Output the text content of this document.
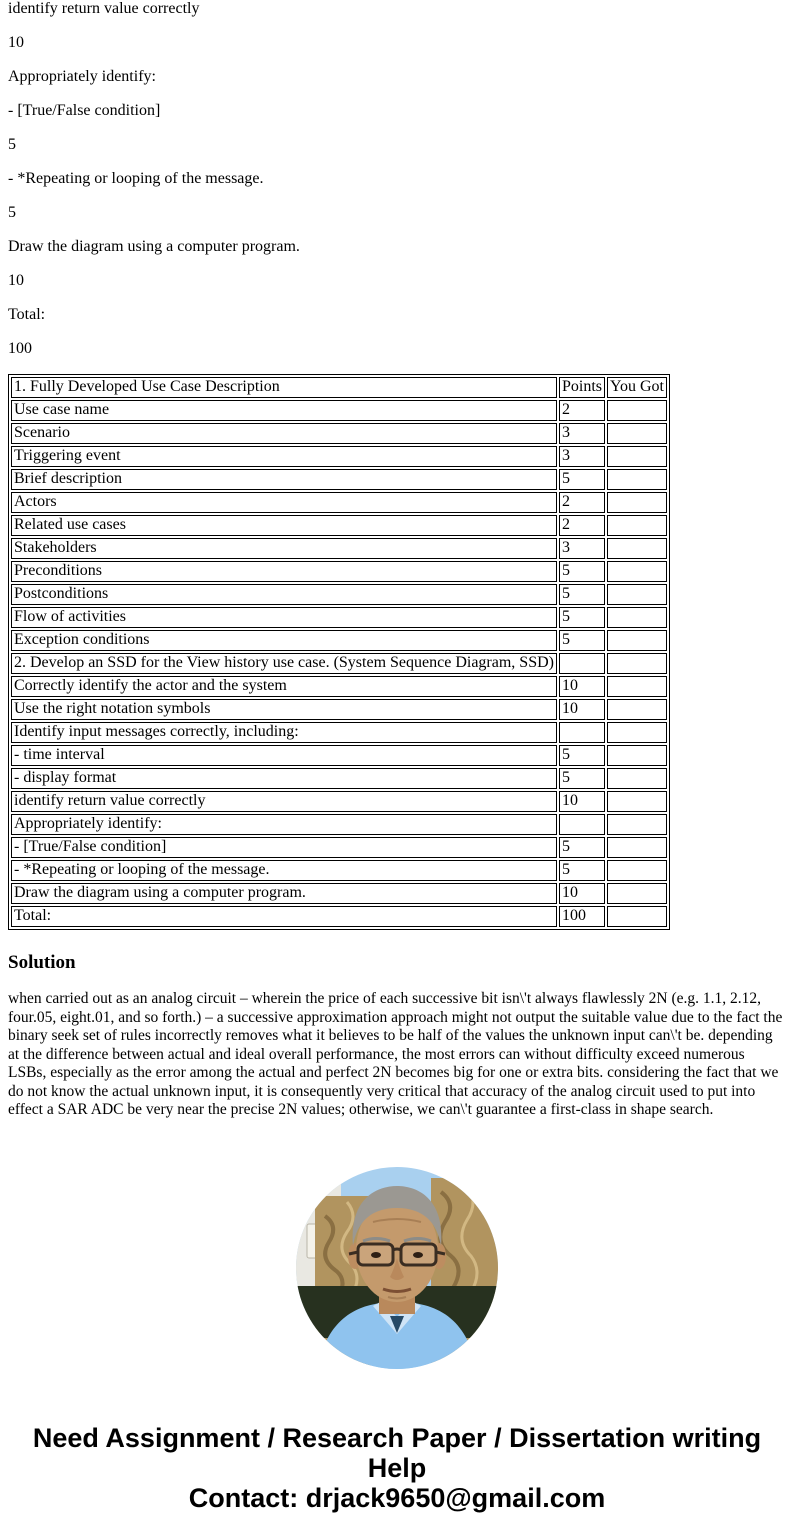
identify return value correctly

10

Appropriately identify:

- [True/False condition]

5

- *Repeating or looping of the message.

5

Draw the diagram using a computer program.

10

Total:

100

1. Fully Developed Use Case Description	Points	You Got
Use case name	2	
Scenario	3	
Triggering event	3	
Brief description	5	
Actors	2	
Related use cases	2	
Stakeholders	3	
Preconditions	5	
Postconditions	5	
Flow of activities	5	
Exception conditions	5	
2. Develop an SSD for the View history use case. (System Sequence Diagram, SSD)		
Correctly identify the actor and the system	10	
Use the right notation symbols	10	
Identify input messages correctly, including:		
- time interval	5	
- display format	5	
identify return value correctly	10	
Appropriately identify:		
- [True/False condition]	5	
- *Repeating or looping of the message.	5	
Draw the diagram using a computer program.	10	
Total:	100	
Solution

when carried out as an analog circuit – wherein the price of each successive bit isn\'t always flawlessly 2N (e.g. 1.1, 2.12, four.05, eight.01, and so forth.) – a successive approximation approach might not output the suitable value due to the fact the binary seek set of rules incorrectly removes what it believes to be half of the values the unknown input can\'t be. depending at the difference between actual and ideal overall performance, the most errors can without difficulty exceed numerous LSBs, especially as the error among the actual and perfect 2N becomes big for one or extra bits. considering the fact that we do not know the actual unknown input, it is consequently very critical that accuracy of the analog circuit used to put into effect a SAR ADC be very near the precise 2N values; otherwise, we can\'t guarantee a first-class in shape search.

Need Assignment / Research Paper / Dissertation writing Help
Contact: drjack9650@gmail.com
